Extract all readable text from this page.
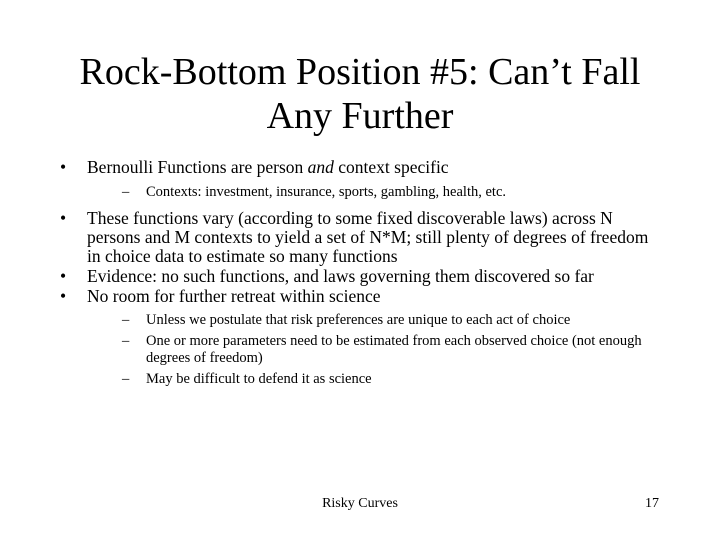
Rock-Bottom Position #5: Can’t Fall
Any Further
• Bernoulli Functions are person and context specific
– Contexts: investment, insurance, sports, gambling, health, etc.
• These functions vary (according to some fixed discoverable laws) across N persons and M contexts to yield a set of N*M; still plenty of degrees of freedom in choice data to estimate so many functions
• Evidence: no such functions, and laws governing them discovered so far
• No room for further retreat within science
– Unless we postulate that risk preferences are unique to each act of choice
– One or more parameters need to be estimated from each observed choice (not enough degrees of freedom)
– May be difficult to defend it as science
Risky Curves	17
